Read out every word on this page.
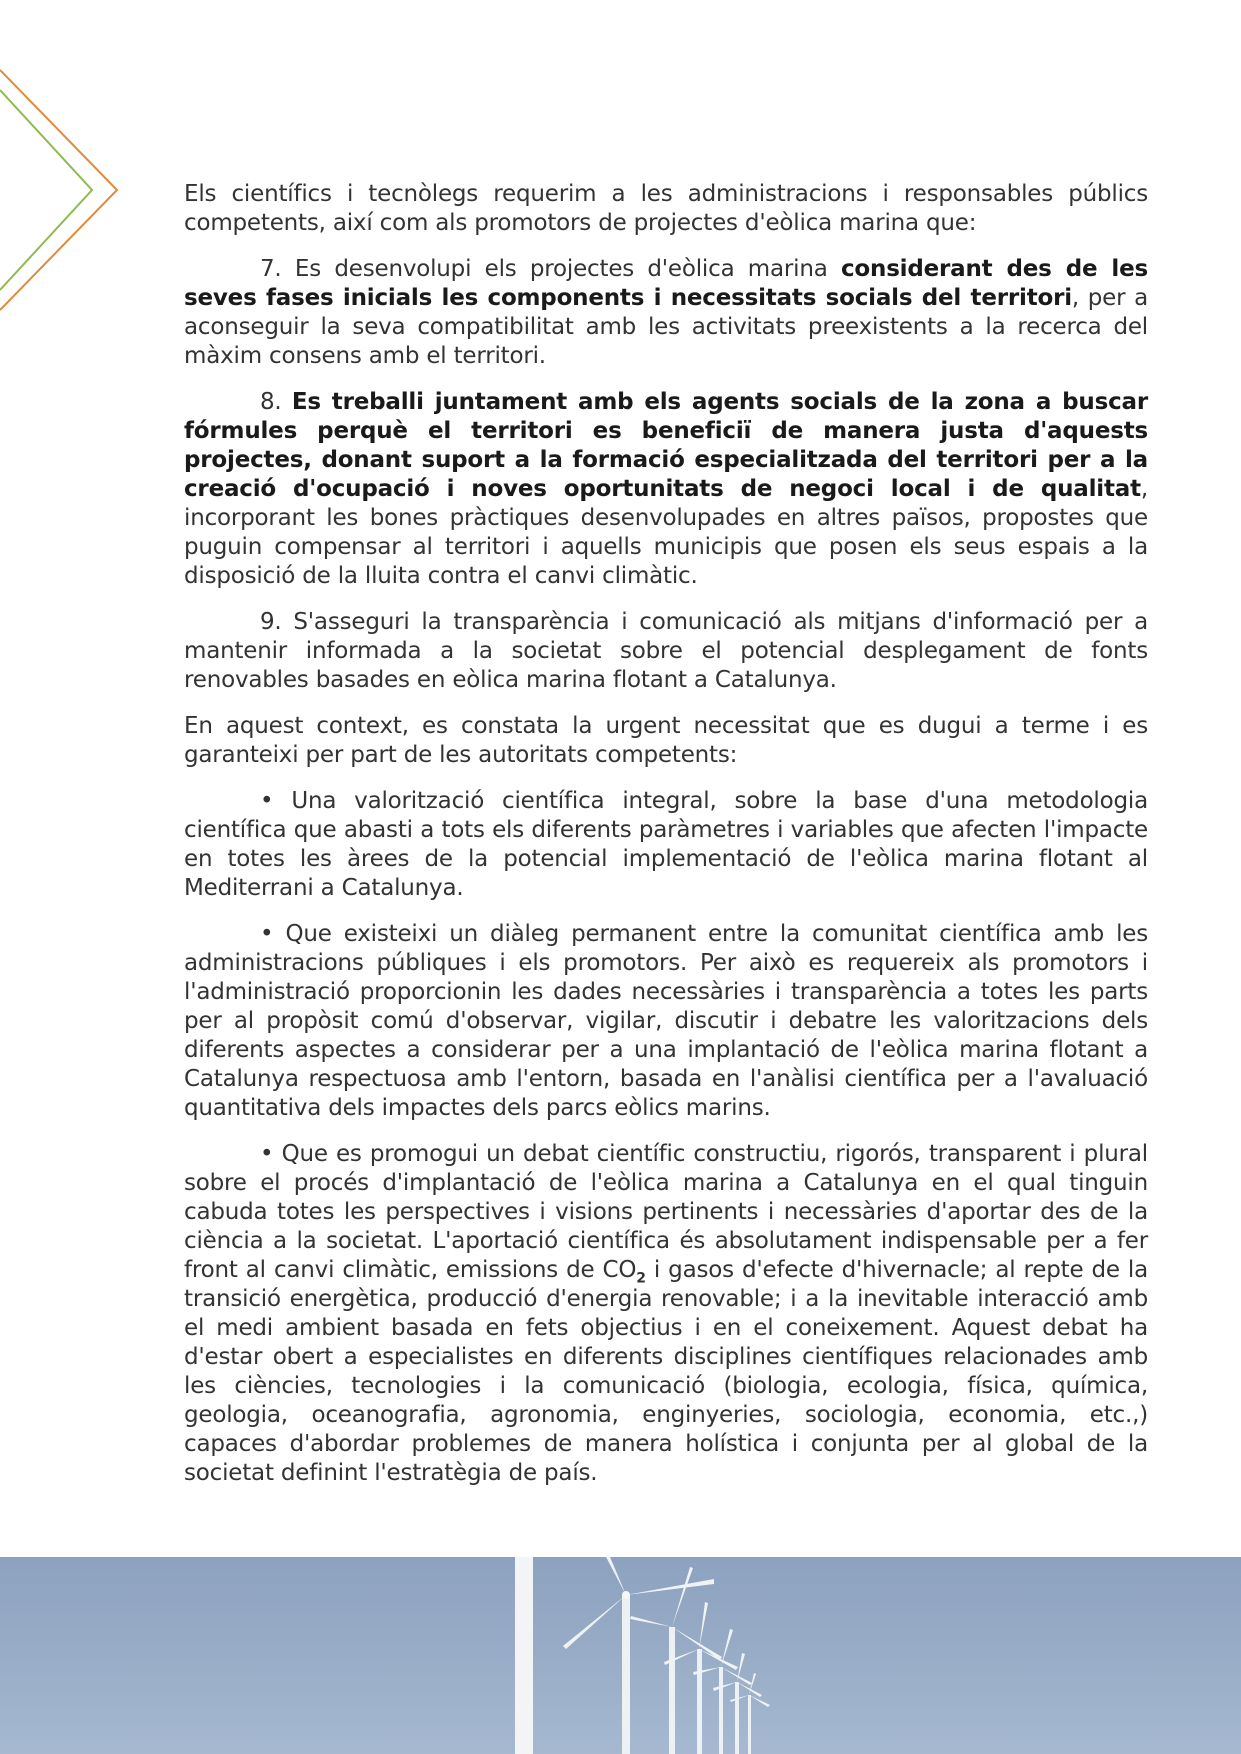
Els científics i tecnòlegs requerim a les administracions i responsables públics competents, així com als promotors de projectes d'eòlica marina que:

7. Es desenvolupi els projectes d'eòlica marina considerant des de les seves fases inicials les components i necessitats socials del territori, per a aconseguir la seva compatibilitat amb les activitats preexistents a la recerca del màxim consens amb el territori.

8. Es treballi juntament amb els agents socials de la zona a buscar fórmules perquè el territori es beneficiï de manera justa d'aquests projectes, donant suport a la formació especialitzada del territori per a la creació d'ocupació i noves oportunitats de negoci local i de qualitat, incorporant les bones pràctiques desenvolupades en altres països, propostes que puguin compensar al territori i aquells municipis que posen els seus espais a la disposició de la lluita contra el canvi climàtic.

9. S'asseguri la transparència i comunicació als mitjans d'informació per a mantenir informada a la societat sobre el potencial desplegament de fonts renovables basades en eòlica marina flotant a Catalunya.

En aquest context, es constata la urgent necessitat que es dugui a terme i es garanteixi per part de les autoritats competents:

• Una valorització científica integral, sobre la base d'una metodologia científica que abasti a tots els diferents paràmetres i variables que afecten l'impacte en totes les àrees de la potencial implementació de l'eòlica marina flotant al Mediterrani a Catalunya.

• Que existeixi un diàleg permanent entre la comunitat científica amb les administracions públiques i els promotors. Per això es requereix als promotors i l'administració proporcionin les dades necessàries i transparència a totes les parts per al propòsit comú d'observar, vigilar, discutir i debatre les valoritzacions dels diferents aspectes a considerar per a una implantació de l'eòlica marina flotant a Catalunya respectuosa amb l'entorn, basada en l'anàlisi científica per a l'avaluació quantitativa dels impactes dels parcs eòlics marins.

• Que es promogui un debat científic constructiu, rigorós, transparent i plural sobre el procés d'implantació de l'eòlica marina a Catalunya en el qual tinguin cabuda totes les perspectives i visions pertinents i necessàries d'aportar des de la ciència a la societat. L'aportació científica és absolutament indispensable per a fer front al canvi climàtic, emissions de $CO_2$ i gasos d'efecte d'hivernacle; al repte de la transició energètica, producció d'energia renovable; i a la inevitable interacció amb el medi ambient basada en fets objectius i en el coneixement. Aquest debat ha d'estar obert a especialistes en diferents disciplines científiques relacionades amb les ciències, tecnologies i la comunicació (biologia, ecologia, física, química, geologia, oceanografia, agronomia, enginyeries, sociologia, economia, etc.,) capaces d'abordar problemes de manera holística i conjunta per al global de la societat definint l'estratègia de país.
